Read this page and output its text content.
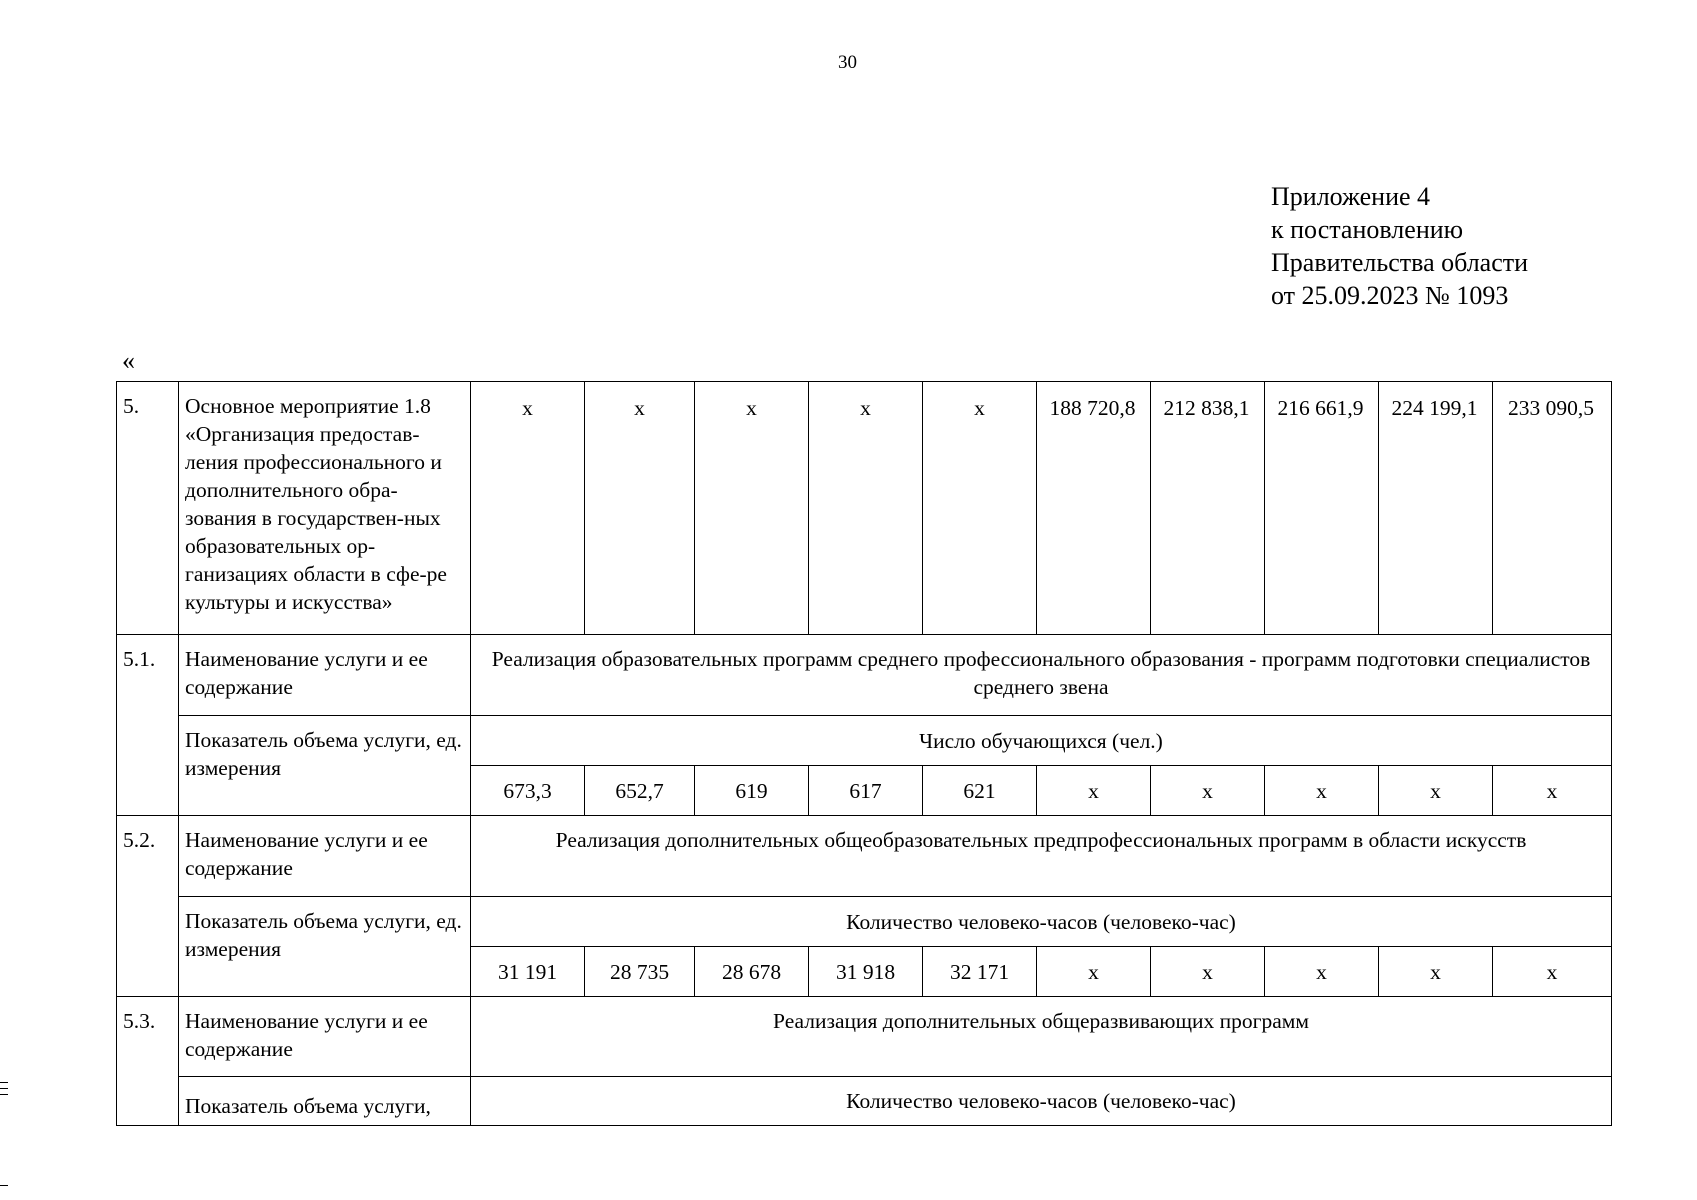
30
Приложение 4
к постановлению
Правительства области
от 25.09.2023 № 1093
«
5.	Основное мероприятие 1.8 «Организация предостав-ления профессионального и дополнительного обра-зования в государствен-ных образовательных ор-ганизациях области в сфе-ре культуры и искусства»	x	x	x	x	x	188 720,8	212 838,1	216 661,9	224 199,1	233 090,5
5.1.	Наименование услуги и ее содержание	Реализация образовательных программ среднего профессионального образования - программ подготовки специалистов среднего звена									
	Показатель объема услуги, ед. измерения	Число обучающихся (чел.)									
		673,3	652,7	619	617	621	x	x	x	x	x
5.2.	Наименование услуги и ее содержание	Реализация дополнительных общеобразовательных предпрофессиональных программ в области искусств									
	Показатель объема услуги, ед. измерения	Количество человеко-часов (человеко-час)									
		31 191	28 735	28 678	31 918	32 171	x	x	x	x	x
5.3.	Наименование услуги и ее содержание	Реализация дополнительных общеразвивающих программ									
	Показатель объема услуги,	Количество человеко-часов (человеко-час)									
